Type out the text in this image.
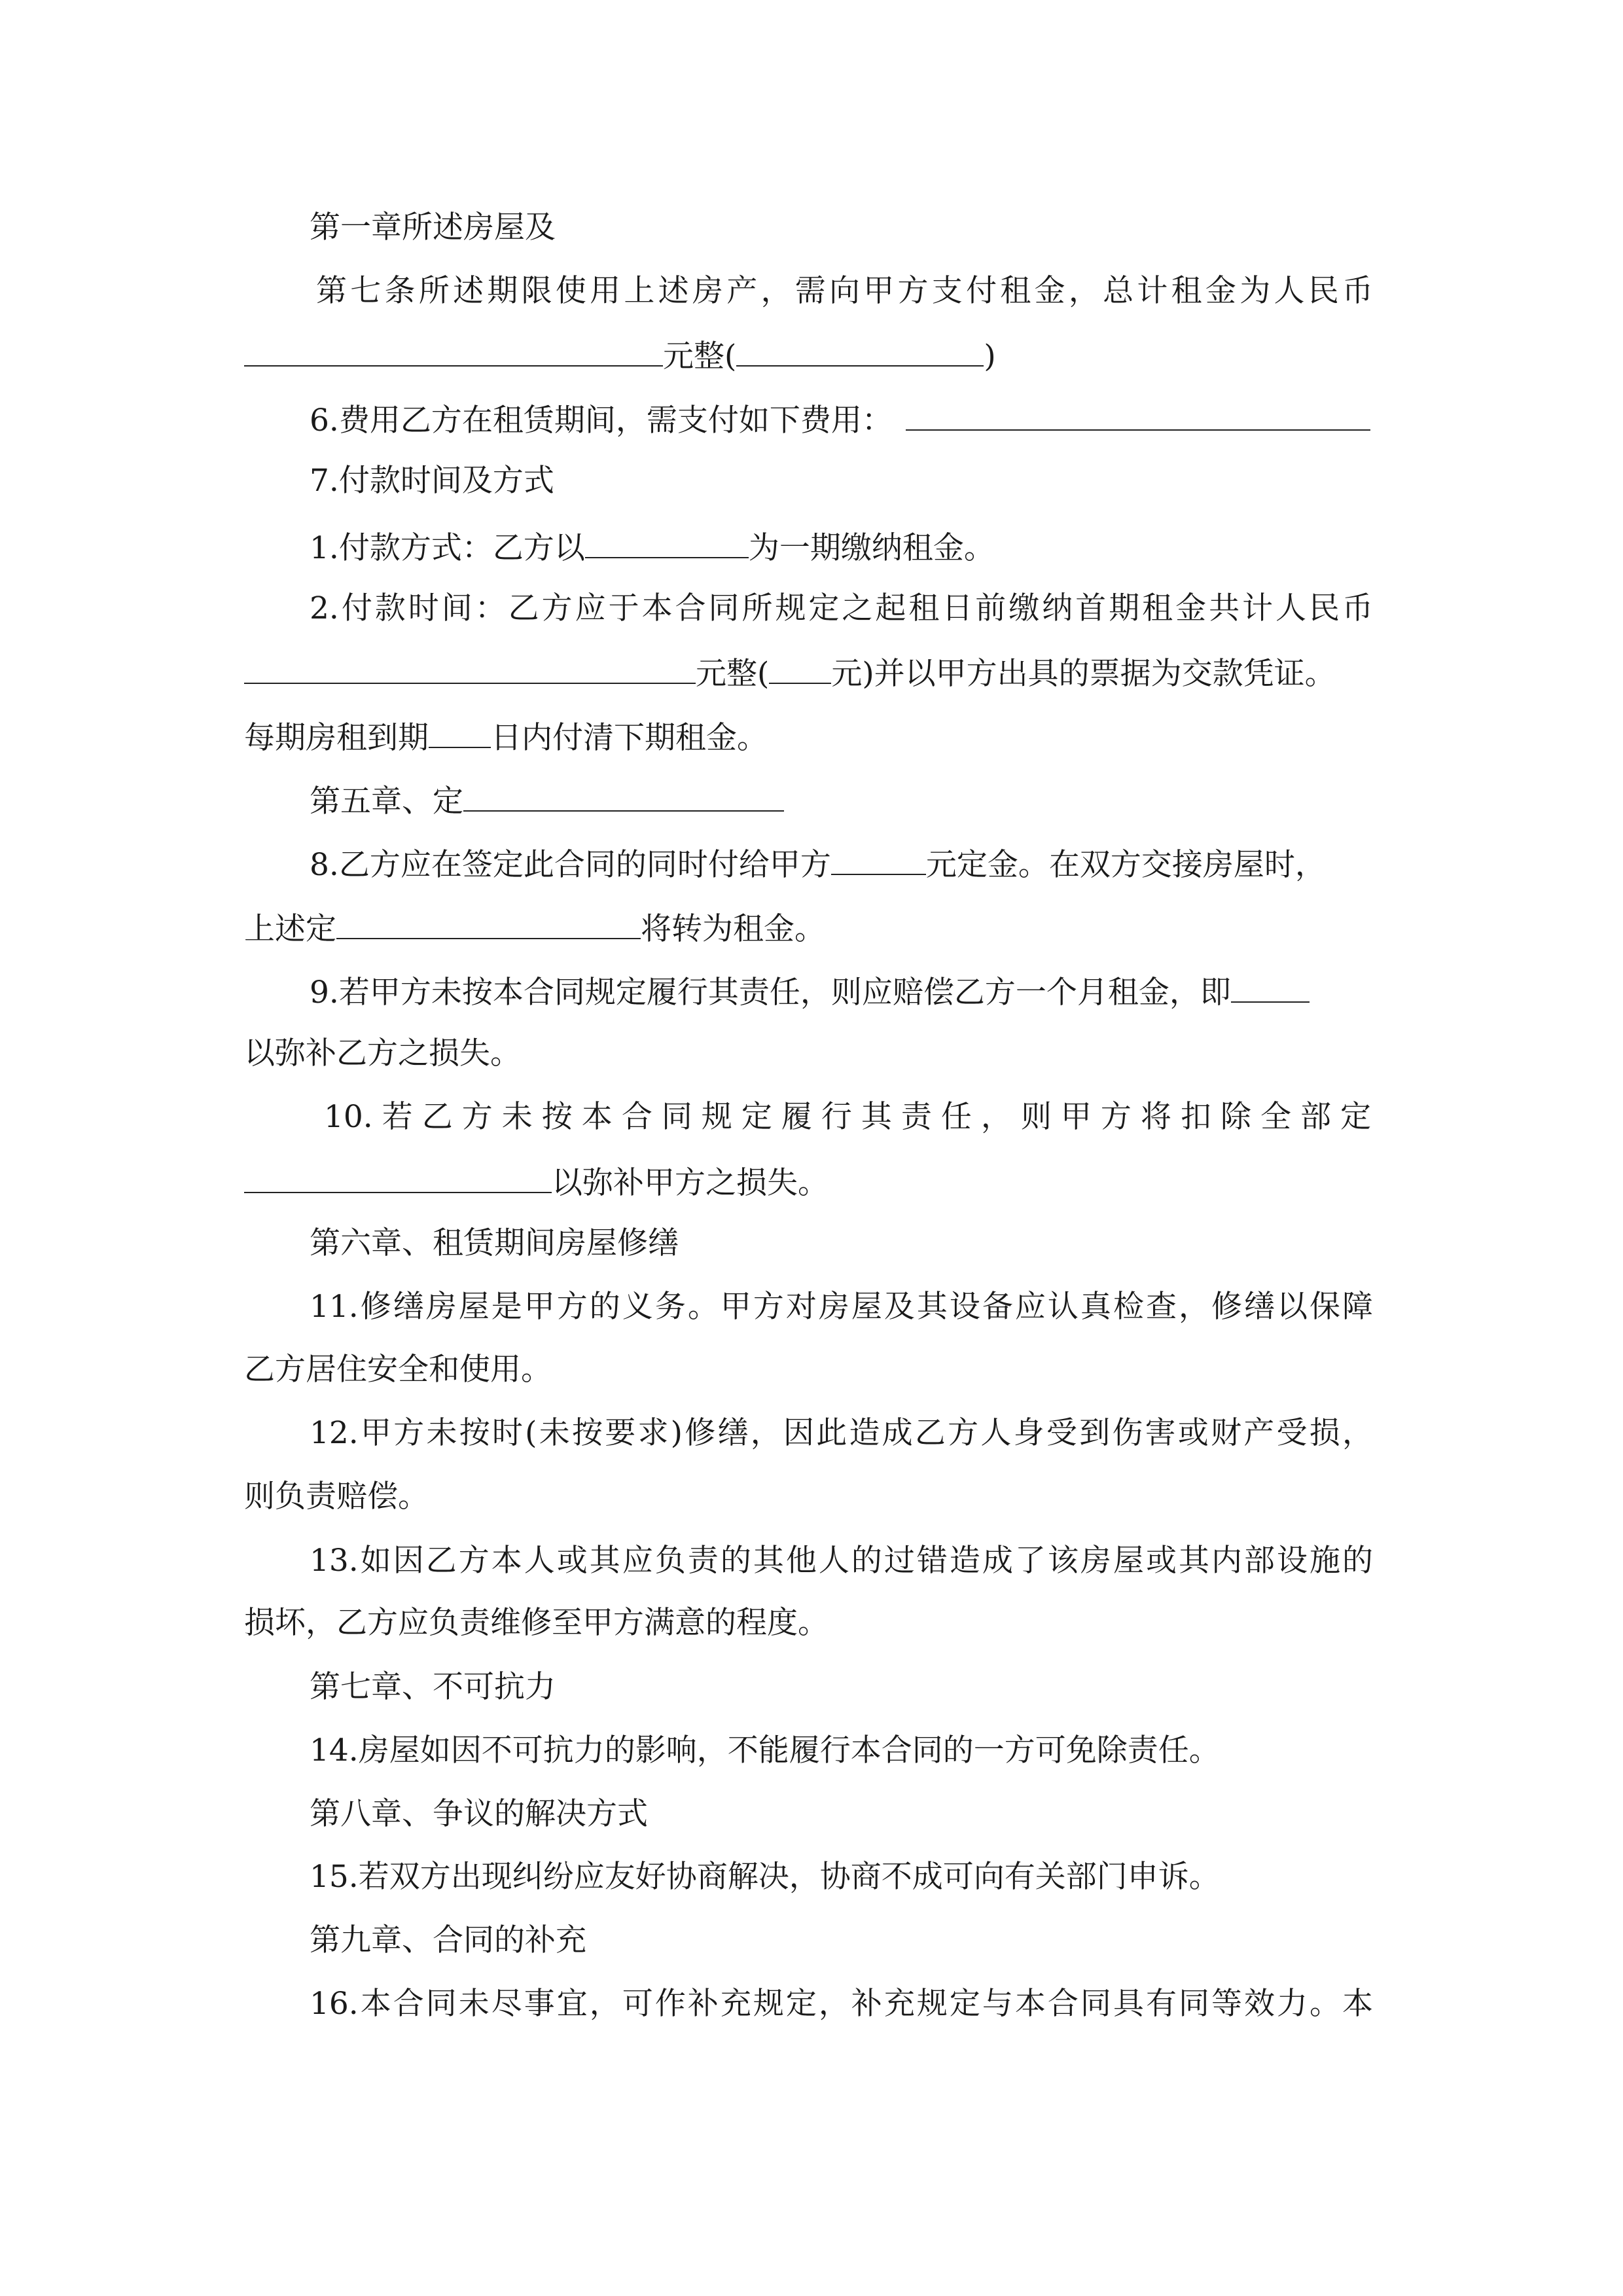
第一章所述房屋及
第七条所述期限使用上述房产，需向甲方支付租金，总计租金为人民币
元整(	)
6.费用乙方在租赁期间，需支付如下费用：
7.付款时间及方式
1.付款方式：乙方以	为一期缴纳租金。
2.付款时间：乙方应于本合同所规定之起租日前缴纳首期租金共计人民币
元整( 元)并以甲方出具的票据为交款凭证。
每期房租到期 日内付清下期租金。
第五章、定
8.乙方应在签定此合同的同时付给甲方	元定金。在双方交接房屋时，
上述定	将转为租金。
9.若甲方未按本合同规定履行其责任，则应赔偿乙方一个月租金，即
以弥补乙方之损失。
10.若乙方未按本合同规定履行其责任，则甲方将扣除全部定
以弥补甲方之损失。
第六章、租赁期间房屋修缮
11.修缮房屋是甲方的义务。甲方对房屋及其设备应认真检查，修缮以保障
乙方居住安全和使用。
12.甲方未按时(未按要求)修缮，因此造成乙方人身受到伤害或财产受损，
则负责赔偿。
13.如因乙方本人或其应负责的其他人的过错造成了该房屋或其内部设施的
损坏，乙方应负责维修至甲方满意的程度。
第七章、不可抗力
14.房屋如因不可抗力的影响，不能履行本合同的一方可免除责任。
第八章、争议的解决方式
15.若双方出现纠纷应友好协商解决，协商不成可向有关部门申诉。
第九章、合同的补充
16.本合同未尽事宜，可作补充规定，补充规定与本合同具有同等效力。本
